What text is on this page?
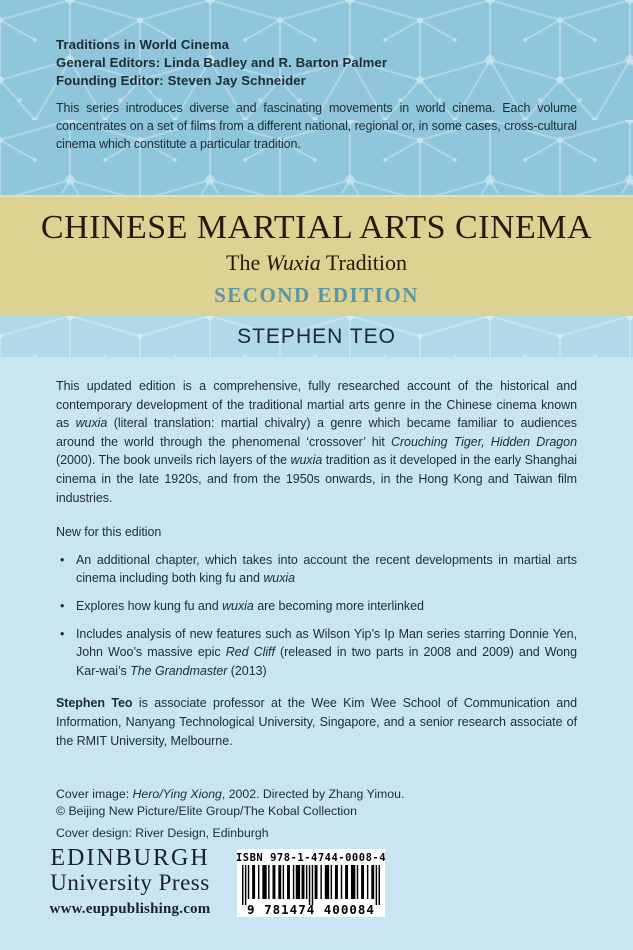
Traditions in World Cinema
General Editors: Linda Badley and R. Barton Palmer
Founding Editor: Steven Jay Schneider

This series introduces diverse and fascinating movements in world cinema. Each volume concentrates on a set of films from a different national, regional or, in some cases, cross-cultural cinema which constitute a particular tradition.

CHINESE MARTIAL ARTS CINEMA
The Wuxia Tradition
SECOND EDITION
STEPHEN TEO

This updated edition is a comprehensive, fully researched account of the historical and contemporary development of the traditional martial arts genre in the Chinese cinema known as wuxia (literal translation: martial chivalry) a genre which became familiar to audiences around the world through the phenomenal ‘crossover’ hit Crouching Tiger, Hidden Dragon (2000). The book unveils rich layers of the wuxia tradition as it developed in the early Shanghai cinema in the late 1920s, and from the 1950s onwards, in the Hong Kong and Taiwan film industries.

New for this edition
• An additional chapter, which takes into account the recent developments in martial arts cinema including both king fu and wuxia
• Explores how kung fu and wuxia are becoming more interlinked
• Includes analysis of new features such as Wilson Yip’s Ip Man series starring Donnie Yen, John Woo’s massive epic Red Cliff (released in two parts in 2008 and 2009) and Wong Kar-wai’s The Grandmaster (2013)

Stephen Teo is associate professor at the Wee Kim Wee School of Communication and Information, Nanyang Technological University, Singapore, and a senior research associate of the RMIT University, Melbourne.

Cover image: Hero/Ying Xiong, 2002. Directed by Zhang Yimou.
© Beijing New Picture/Elite Group/The Kobal Collection
Cover design: River Design, Edinburgh
EDINBURGH
University Press
www.euppublishing.com
ISBN 978-1-4744-0008-4
9 781474 400084
